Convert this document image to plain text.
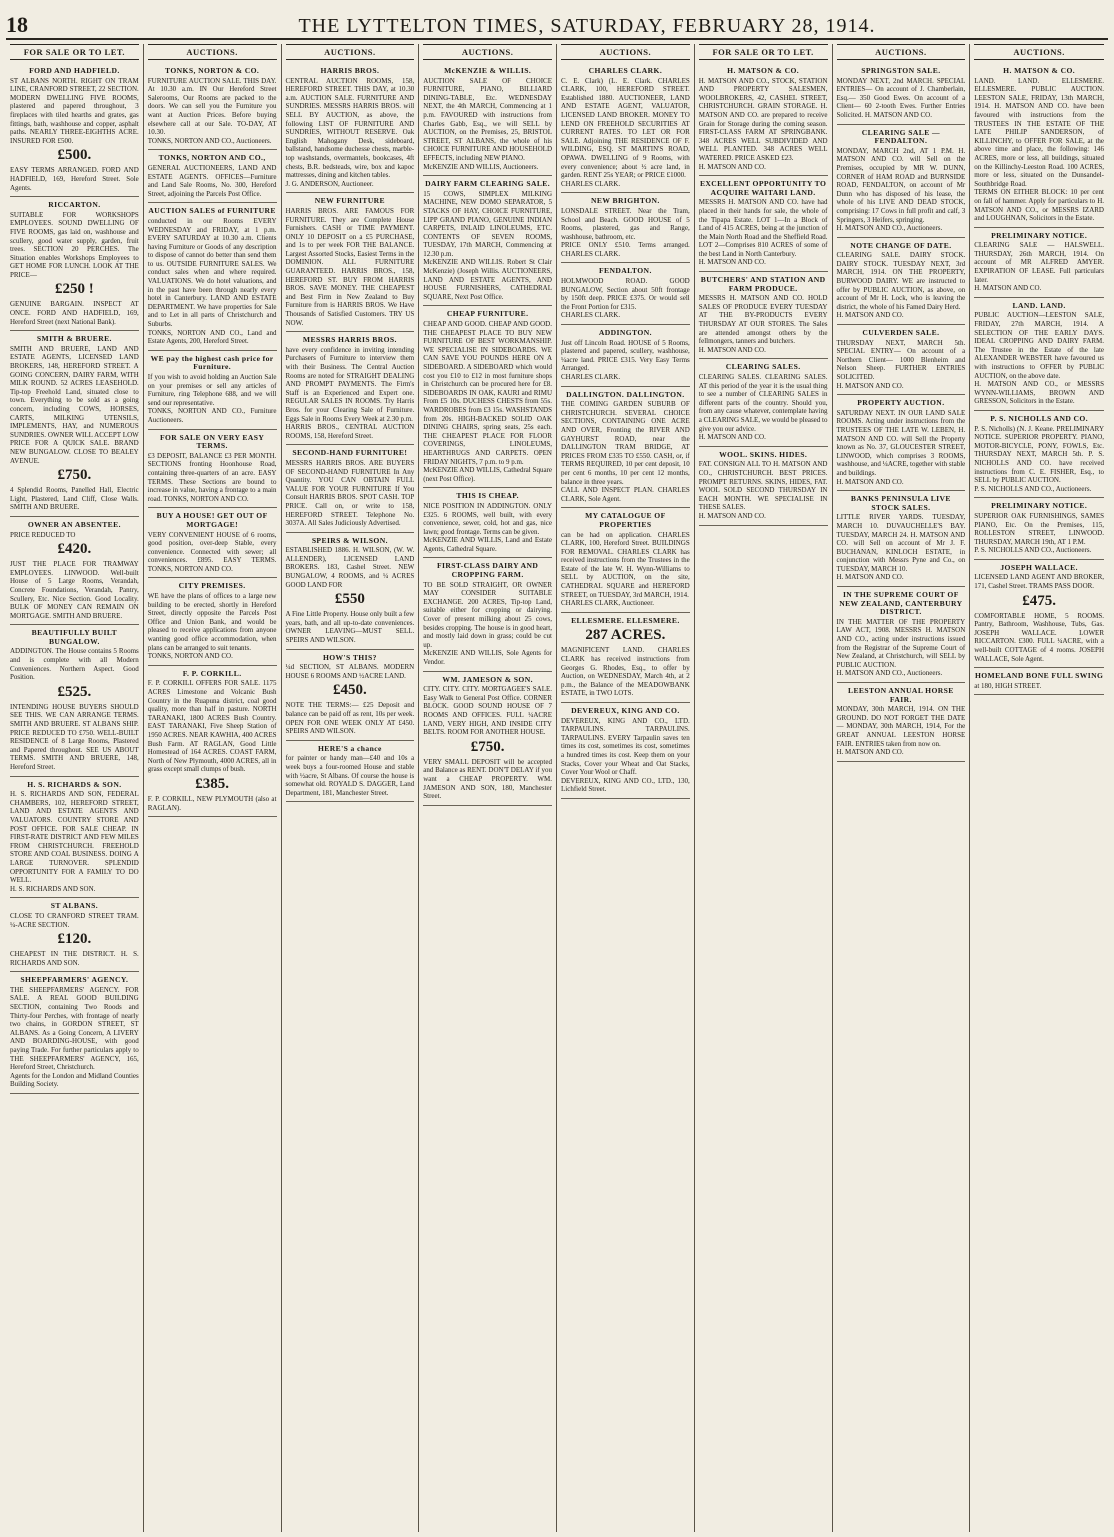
18	THE LYTTELTON TIMES, SATURDAY, FEBRUARY 28, 1914.
FOR SALE OR TO LET.
FORD AND HADFIELD.
ST ALBANS NORTH. RIGHT ON TRAM LINE, CRANFORD STREET, 22 SECTION. MODERN DWELLING FIVE ROOMS, plastered and papered throughout, 3 fireplaces with tiled hearths and grates, gas fittings, bath, washhouse and copper, asphalt paths. NEARLY THREE-EIGHTHS ACRE. INSURED FOR £500.
£500.
EASY TERMS ARRANGED. FORD AND HADFIELD, 169, Hereford Street. Sole Agents.
RICCARTON.
SUITABLE FOR WORKSHOPS EMPLOYEES. SOUND DWELLING OF FIVE ROOMS, gas laid on, washhouse and scullery, good water supply, garden, fruit trees. SECTION 20 PERCHES. The Situation enables Workshops Employees to GET HOME FOR LUNCH. LOOK AT THE PRICE—
£250 !
GENUINE BARGAIN. INSPECT AT ONCE. FORD AND HADFIELD, 169, Hereford Street (next National Bank).
SMITH & BRUERE.
SMITH AND BRUERE, LAND AND ESTATE AGENTS, LICENSED LAND BROKERS, 148, HEREFORD STREET. A GOING CONCERN, DAIRY FARM, WITH MILK ROUND. 52 ACRES LEASEHOLD. Tip-top Freehold Land, situated close to town. Everything to be sold as a going concern, including COWS, HORSES, CARTS, MILKING UTENSILS, IMPLEMENTS, HAY, and NUMEROUS SUNDRIES. OWNER WILL ACCEPT LOW PRICE FOR A QUICK SALE. BRAND NEW BUNGALOW. CLOSE TO BEALEY AVENUE.
£750.
4 Splendid Rooms, Panelled Hall, Electric Light, Plastered, Land Cliff, Close Walls. SMITH AND BRUERE.
OWNER AN ABSENTEE.
PRICE REDUCED TO
£420.
JUST THE PLACE FOR TRAMWAY EMPLOYEES. LINWOOD. Well-built House of 5 Large Rooms, Verandah, Concrete Foundations, Verandah, Pantry, Scullery, Etc. Nice Section. Good Locality. BULK OF MONEY CAN REMAIN ON MORTGAGE. SMITH AND BRUERE.
BEAUTIFULLY BUILT BUNGALOW.
ADDINGTON. The House contains 5 Rooms and is complete with all Modern Conveniences. Northern Aspect. Good Position.
£525.
INTENDING HOUSE BUYERS SHOULD SEE THIS. WE CAN ARRANGE TERMS. SMITH AND BRUERE. ST ALBANS SHIP. PRICE REDUCED TO £750. WELL-BUILT RESIDENCE of 8 Large Rooms, Plastered and Papered throughout. SEE US ABOUT TERMS. SMITH AND BRUERE, 148, Hereford Street.
H. S. RICHARDS & SON.
H. S. RICHARDS AND SON, FEDERAL CHAMBERS, 102, HEREFORD STREET, LAND AND ESTATE AGENTS AND VALUATORS. COUNTRY STORE AND POST OFFICE. FOR SALE CHEAP. IN FIRST-RATE DISTRICT AND FEW MILES FROM CHRISTCHURCH. FREEHOLD STORE AND COAL BUSINESS. DOING A LARGE TURNOVER. SPLENDID OPPORTUNITY FOR A FAMILY TO DO WELL.
H. S. RICHARDS AND SON.
ST ALBANS.
CLOSE TO CRANFORD STREET TRAM. ¼-ACRE SECTION.
£120.
CHEAPEST IN THE DISTRICT. H. S. RICHARDS AND SON.
SHEEPFARMERS' AGENCY.
THE SHEEPFARMERS' AGENCY. FOR SALE. A REAL GOOD BUILDING SECTION, containing Two Roods and Thirty-four Perches, with frontage of nearly two chains, in GORDON STREET, ST ALBANS. As a Going Concern, A LIVERY AND BOARDING-HOUSE, with good paying Trade. For further particulars apply to THE SHEEPFARMERS' AGENCY, 165, Hereford Street, Christchurch.
Agents for the London and Midland Counties Building Society.
AUCTIONS.
TONKS, NORTON & CO.
FURNITURE AUCTION SALE. THIS DAY. At 10.30 a.m. IN Our Hereford Street Salerooms, Our Rooms are packed to the doors. We can sell you the Furniture you want at Auction Prices. Before buying elsewhere call at our Sale. TO-DAY, AT 10.30.
TONKS, NORTON AND CO., Auctioneers.
TONKS, NORTON AND CO.,
GENERAL AUCTIONEERS, LAND AND ESTATE AGENTS. OFFICES—Furniture and Land Sale Rooms, No. 300, Hereford Street, adjoining the Parcels Post Office.
AUCTION SALES of FURNITURE
conducted in our Rooms EVERY WEDNESDAY and FRIDAY, at 1 p.m. EVERY SATURDAY at 10.30 a.m. Clients having Furniture or Goods of any description to dispose of cannot do better than send them to us. OUTSIDE FURNITURE SALES. We conduct sales when and where required. VALUATIONS. We do hotel valuations, and in the past have been through nearly every hotel in Canterbury. LAND AND ESTATE DEPARTMENT. We have properties for Sale and to Let in all parts of Christchurch and Suburbs.
TONKS, NORTON AND CO., Land and Estate Agents, 200, Hereford Street.
WE pay the highest cash price for Furniture.
If you wish to avoid holding an Auction Sale on your premises or sell any articles of Furniture, ring Telephone 688, and we will send our representative.
TONKS, NORTON AND CO., Furniture Auctioneers.
FOR SALE ON VERY EASY TERMS.
£3 DEPOSIT, BALANCE £3 PER MONTH. SECTIONS fronting Hoonhouse Road, containing three-quarters of an acre. EASY TERMS. These Sections are bound to increase in value, having a frontage to a main road. TONKS, NORTON AND CO.
BUY A HOUSE! GET OUT OF MORTGAGE!
VERY CONVENIENT HOUSE of 6 rooms, good position, over-deep Stable, every convenience. Connected with sewer; all conveniences. £895. EASY TERMS. TONKS, NORTON AND CO.
CITY PREMISES.
WE have the plans of offices to a large new building to be erected, shortly in Hereford Street, directly opposite the Parcels Post Office and Union Bank, and would be pleased to receive applications from anyone wanting good office accommodation, when plans can be arranged to suit tenants.
TONKS, NORTON AND CO.
F. P. CORKILL.
F. P. CORKILL OFFERS FOR SALE. 1175 ACRES Limestone and Volcanic Bush Country in the Ruapuna district, coal good quality, more than half in pasture. NORTH TARANAKI, 1800 ACRES Bush Country. EAST TARANAKI, Five Sheep Station of 1950 ACRES. NEAR KAWHIA, 400 ACRES Bush Farm. AT RAGLAN, Good Little Homestead of 164 ACRES. COAST FARM, North of New Plymouth, 4000 ACRES, all in grass except small clumps of bush.
£385.
F. P. CORKILL, NEW PLYMOUTH (also at RAGLAN).
AUCTIONS.
HARRIS BROS.
CENTRAL AUCTION ROOMS, 158, HEREFORD STREET. THIS DAY, at 10.30 a.m. AUCTION SALE. FURNITURE AND SUNDRIES. MESSRS HARRIS BROS. will SELL BY AUCTION, as above, the following LIST OF FURNITURE AND SUNDRIES, WITHOUT RESERVE. Oak English Mahogany Desk, sideboard, ballstand, handsome duchesse chests, marble-top washstands, overmantels, bookcases, 4ft chests, B.R. bedsteads, wire, box and kapoc mattresses, dining and kitchen tables.
J. G. ANDERSON, Auctioneer.
NEW FURNITURE
HARRIS BROS. ARE FAMOUS FOR FURNITURE. They are Complete House Furnishers. CASH or TIME PAYMENT. ONLY 10 DEPOSIT on a £5 PURCHASE, and 1s to per week FOR THE BALANCE. Largest Assorted Stocks, Easiest Terms in the DOMINION. ALL FURNITURE GUARANTEED. HARRIS BROS., 158, HEREFORD ST. BUY FROM HARRIS BROS. SAVE MONEY. THE CHEAPEST and Best Firm in New Zealand to Buy Furniture from is HARRIS BROS. We Have Thousands of Satisfied Customers. TRY US NOW.
MESSRS HARRIS BROS.
have every confidence in inviting intending Purchasers of Furniture to interview them with their Business. The Central Auction Rooms are noted for STRAIGHT DEALING AND PROMPT PAYMENTS. The Firm's Staff is an Experienced and Expert one. REGULAR SALES IN ROOMS. Try Harris Bros. for your Clearing Sale of Furniture. Eggs Sale in Rooms Every Week at 2.30 p.m.
HARRIS BROS., CENTRAL AUCTION ROOMS, 158, Hereford Street.
SECOND-HAND FURNITURE!
MESSRS HARRIS BROS. ARE BUYERS OF SECOND-HAND FURNITURE In Any Quantity. YOU CAN OBTAIN FULL VALUE FOR YOUR FURNITURE If You Consult HARRIS BROS. SPOT CASH. TOP PRICE. Call on, or write to 158, HEREFORD STREET. Telephone No. 3037A. All Sales Judiciously Advertised.
SPEIRS & WILSON.
ESTABLISHED 1886. H. WILSON, (W. W. ALLENDER), LICENSED LAND BROKERS. 183, Cashel Street. NEW BUNGALOW, 4 ROOMS, and ¼ ACRES GOOD LAND FOR
£550
A Fine Little Property. House only built a few years, bath, and all up-to-date conveniences. OWNER LEAVING—MUST SELL. SPEIRS AND WILSON.
HOW'S THIS?
¼d SECTION, ST ALBANS. MODERN HOUSE 6 ROOMS AND ½ACRE LAND.
£450.
NOTE THE TERMS:— £25 Deposit and balance can be paid off as rent, 10s per week. OPEN FOR ONE WEEK ONLY AT £450. SPEIRS AND WILSON.
HERE'S a chance
for painter or handy man—£40 and 10s a week buys a four-roomed House and stable with ½acre, St Albans. Of course the house is somewhat old. ROYALD S. DAGGER, Land Department, 181, Manchester Street.
AUCTIONS.
McKENZIE & WILLIS.
AUCTION SALE OF CHOICE FURNITURE, PIANO, BILLIARD DINING-TABLE, Etc. WEDNESDAY NEXT, the 4th MARCH, Commencing at 1 p.m. FAVOURED with instructions from Charles Gabb, Esq., we will SELL by AUCTION, on the Premises, 25, BRISTOL STREET, ST ALBANS, the whole of his CHOICE FURNITURE AND HOUSEHOLD EFFECTS, including NEW PIANO.
McKENZIE AND WILLIS, Auctioneers.
DAIRY FARM CLEARING SALE.
15 COWS, SIMPLEX MILKING MACHINE, NEW DOMO SEPARATOR, 5 STACKS OF HAY, CHOICE FURNITURE, LIPP GRAND PIANO, GENUINE INDIAN CARPETS, INLAID LINOLEUMS, ETC. CONTENTS OF SEVEN ROOMS, TUESDAY, 17th MARCH, Commencing at 12.30 p.m.
McKENZIE AND WILLIS. Robert St Clair McKenzie) (Joseph Willis. AUCTIONEERS, LAND AND ESTATE AGENTS, AND HOUSE FURNISHERS, CATHEDRAL SQUARE, Next Post Office.
CHEAP FURNITURE.
CHEAP AND GOOD. CHEAP AND GOOD. THE CHEAPEST PLACE TO BUY NEW FURNITURE OF BEST WORKMANSHIP. WE SPECIALISE IN SIDEBOARDS. WE CAN SAVE YOU POUNDS HERE ON A SIDEBOARD. A SIDEBOARD which would cost you £10 to £12 in most furniture shops in Christchurch can be procured here for £8. SIDEBOARDS IN OAK, KAURI and RIMU From £5 10s. DUCHESS CHESTS from 55s. WARDROBES from £3 15s. WASHSTANDS from 20s. HIGH-BACKED SOLID OAK DINING CHAIRS, spring seats, 25s each. THE CHEAPEST PLACE FOR FLOOR COVERINGS, LINOLEUMS, HEARTHRUGS AND CARPETS. OPEN FRIDAY NIGHTS, 7 p.m. to 9 p.m.
McKENZIE AND WILLIS, Cathedral Square (next Post Office).
THIS IS CHEAP.
NICE POSITION IN ADDINGTON. ONLY £325. 6 ROOMS, well built, with every convenience, sewer, cold, hot and gas, nice lawn; good frontage. Terms can be given.
McKENZIE AND WILLIS, Land and Estate Agents, Cathedral Square.
FIRST-CLASS DAIRY AND CROPPING FARM.
TO BE SOLD STRAIGHT, OR OWNER MAY CONSIDER SUITABLE EXCHANGE. 200 ACRES, Tip-top Land, suitable either for cropping or dairying. Cover of present milking about 25 cows, besides cropping. The house is in good heart, and mostly laid down in grass; could be cut up.
McKENZIE AND WILLIS, Sole Agents for Vendor.
WM. JAMESON & SON.
CITY. CITY. CITY. MORTGAGEE'S SALE. Easy Walk to General Post Office. CORNER BLOCK. GOOD SOUND HOUSE OF 7 ROOMS AND OFFICES. FULL ¼ACRE LAND, VERY HIGH, AND INSIDE CITY BELTS. ROOM FOR ANOTHER HOUSE.
£750.
VERY SMALL DEPOSIT will be accepted and Balance as RENT. DON'T DELAY if you want a CHEAP PROPERTY. WM. JAMESON AND SON, 180, Manchester Street.
AUCTIONS.
CHARLES CLARK.
C. E. Clark) (L. E. Clark. CHARLES CLARK, 100, HEREFORD STREET. Established 1880. AUCTIONEER, LAND AND ESTATE AGENT, VALUATOR, LICENSED LAND BROKER. MONEY TO LEND ON FREEHOLD SECURITIES AT CURRENT RATES. TO LET OR FOR SALE. Adjoining THE RESIDENCE OF F. WILDING, ESQ. ST MARTIN'S ROAD, OPAWA. DWELLING of 9 Rooms, with every convenience; about ½ acre land, in garden. RENT 25s YEAR; or PRICE £1000.
CHARLES CLARK.
NEW BRIGHTON.
LONSDALE STREET. Near the Tram, School and Beach. GOOD HOUSE of 5 Rooms, plastered, gas and Range, washhouse, bathroom, etc.
PRICE ONLY £510. Terms arranged. CHARLES CLARK.
FENDALTON.
HOLMWOOD ROAD. GOOD BUNGALOW, Section about 50ft frontage by 150ft deep. PRICE £375. Or would sell the Front Portion for £315.
CHARLES CLARK.
ADDINGTON.
Just off Lincoln Road. HOUSE of 5 Rooms, plastered and papered, scullery, washhouse, ¼acre land. PRICE £315. Very Easy Terms Arranged.
CHARLES CLARK.
DALLINGTON. DALLINGTON.
THE COMING GARDEN SUBURB OF CHRISTCHURCH. SEVERAL CHOICE SECTIONS, CONTAINING ONE ACRE AND OVER, Fronting the RIVER AND GAYHURST ROAD, near the DALLINGTON TRAM BRIDGE, AT PRICES FROM £335 TO £550. CASH, or, if TERMS REQUIRED, 10 per cent deposit, 10 per cent 6 months, 10 per cent 12 months, balance in three years.
CALL AND INSPECT PLAN. CHARLES CLARK, Sole Agent.
MY CATALOGUE OF PROPERTIES
can be had on application. CHARLES CLARK, 100, Hereford Street. BUILDINGS FOR REMOVAL. CHARLES CLARK has received instructions from the Trustees in the Estate of the late W. H. Wynn-Williams to SELL by AUCTION, on the site, CATHEDRAL SQUARE and HEREFORD STREET, on TUESDAY, 3rd MARCH, 1914.
CHARLES CLARK, Auctioneer.
ELLESMERE. ELLESMERE.
287 ACRES.
MAGNIFICENT LAND. CHARLES CLARK has received instructions from Georges G. Rhodes, Esq., to offer by Auction, on WEDNESDAY, March 4th, at 2 p.m., the Balance of the MEADOWBANK ESTATE, in TWO LOTS.
DEVEREUX, KING AND CO.
DEVEREUX, KING AND CO., LTD. TARPAULINS. TARPAULINS. TARPAULINS. EVERY Tarpaulin saves ten times its cost, sometimes its cost, sometimes a hundred times its cost. Keep them on your Stacks, Cover your Wheat and Oat Stacks, Cover Your Wool or Chaff.
DEVEREUX, KING AND CO., LTD., 130, Lichfield Street.
FOR SALE OR TO LET.
H. MATSON & CO.
H. MATSON AND CO., STOCK, STATION AND PROPERTY SALESMEN, WOOLBROKERS, 42, CASHEL STREET, CHRISTCHURCH. GRAIN STORAGE. H. MATSON AND CO. are prepared to receive Grain for Storage during the coming season. FIRST-CLASS FARM AT SPRINGBANK. 348 ACRES WELL SUBDIVIDED AND WELL PLANTED. 348 ACRES WELL WATERED. PRICE ASKED £23.
H. MATSON AND CO.
EXCELLENT OPPORTUNITY TO ACQUIRE WAITARI LAND.
MESSRS H. MATSON AND CO. have had placed in their hands for sale, the whole of the Tipapa Estate. LOT 1—In a Block of Land of 415 ACRES, being at the junction of the Main North Road and the Sheffield Road. LOT 2—Comprises 810 ACRES of some of the best Land in North Canterbury.
H. MATSON AND CO.
BUTCHERS' AND STATION AND FARM PRODUCE.
MESSRS H. MATSON AND CO. HOLD SALES OF PRODUCE EVERY TUESDAY AT THE BY-PRODUCTS EVERY THURSDAY AT OUR STORES. The Sales are attended amongst others by the fellmongers, tanners and butchers.
H. MATSON AND CO.
CLEARING SALES.
CLEARING SALES. CLEARING SALES. AT this period of the year it is the usual thing to see a number of CLEARING SALES in different parts of the country. Should you, from any cause whatever, contemplate having a CLEARING SALE, we would be pleased to give you our advice.
H. MATSON AND CO.
WOOL. SKINS. HIDES.
FAT. CONSIGN ALL TO H. MATSON AND CO., CHRISTCHURCH. BEST PRICES. PROMPT RETURNS. SKINS, HIDES, FAT. WOOL SOLD SECOND THURSDAY IN EACH MONTH. WE SPECIALISE IN THESE SALES.
H. MATSON AND CO.
AUCTIONS.
SPRINGSTON SALE.
MONDAY NEXT, 2nd MARCH. SPECIAL ENTRIES— On account of J. Chamberlain, Esq.— 350 Good Ewes. On account of a Client— 60 2-tooth Ewes. Further Entries Solicited. H. MATSON AND CO.
CLEARING SALE — FENDALTON.
MONDAY, MARCH 2nd, AT 1 P.M. H. MATSON AND CO. will Sell on the Premises, occupied by MR W. DUNN, CORNER of HAM ROAD and BURNSIDE ROAD, FENDALTON, on account of Mr Dunn who has disposed of his lease, the whole of his LIVE AND DEAD STOCK, comprising: 17 Cows in full profit and calf, 3 Springers, 3 Heifers, springing.
H. MATSON AND CO., Auctioneers.
NOTE CHANGE OF DATE.
CLEARING SALE. DAIRY STOCK. DAIRY STOCK. TUESDAY NEXT, 3rd MARCH, 1914. ON THE PROPERTY, BURWOOD DAIRY. WE are instructed to offer by PUBLIC AUCTION, as above, on account of Mr H. Lock, who is leaving the district, the whole of his Famed Dairy Herd.
H. MATSON AND CO.
CULVERDEN SALE.
THURSDAY NEXT, MARCH 5th. SPECIAL ENTRY— On account of a Northern Client— 1000 Blenheim and Nelson Sheep. FURTHER ENTRIES SOLICITED.
H. MATSON AND CO.
PROPERTY AUCTION.
SATURDAY NEXT. IN OUR LAND SALE ROOMS. Acting under instructions from the TRUSTEES OF THE LATE W. LEBEN, H. MATSON AND CO. will Sell the Property known as No. 37, GLOUCESTER STREET, LINWOOD, which comprises 3 ROOMS, washhouse, and ¼ACRE, together with stable and buildings.
H. MATSON AND CO.
BANKS PENINSULA LIVE STOCK SALES.
LITTLE RIVER YARDS. TUESDAY, MARCH 10. DUVAUCHELLE'S BAY. TUESDAY, MARCH 24. H. MATSON AND CO. will Sell on account of Mr J. F. BUCHANAN, KINLOCH ESTATE, in conjunction with Messrs Pyne and Co., on TUESDAY, MARCH 10.
H. MATSON AND CO.
IN THE SUPREME COURT OF NEW ZEALAND, CANTERBURY DISTRICT.
IN THE MATTER OF THE PROPERTY LAW ACT, 1908. MESSRS H. MATSON AND CO., acting under instructions issued from the Registrar of the Supreme Court of New Zealand, at Christchurch, will SELL by PUBLIC AUCTION.
H. MATSON AND CO., Auctioneers.
LEESTON ANNUAL HORSE FAIR.
MONDAY, 30th MARCH, 1914. ON THE GROUND. DO NOT FORGET THE DATE— MONDAY, 30th MARCH, 1914, For the GREAT ANNUAL LEESTON HORSE FAIR. ENTRIES taken from now on.
H. MATSON AND CO.
AUCTIONS.
H. MATSON & CO.
LAND. LAND. ELLESMERE. ELLESMERE. PUBLIC AUCTION. LEESTON SALE, FRIDAY, 13th MARCH, 1914. H. MATSON AND CO. have been favoured with instructions from the TRUSTEES IN THE ESTATE OF THE LATE PHILIP SANDERSON, of KILLINCHY, to OFFER FOR SALE, at the above time and place, the following: 146 ACRES, more or less, all buildings, situated on the Killinchy-Leeston Road. 100 ACRES, more or less, situated on the Dunsandel-Southbridge Road.
TERMS ON EITHER BLOCK: 10 per cent on fall of hammer. Apply for particulars to H. MATSON AND CO., or MESSRS IZARD and LOUGHNAN, Solicitors in the Estate.
PRELIMINARY NOTICE.
CLEARING SALE — HALSWELL. THURSDAY, 26th MARCH, 1914. On account of MR ALFRED AMYER. EXPIRATION OF LEASE. Full particulars later.
H. MATSON AND CO.
LAND. LAND.
PUBLIC AUCTION—LEESTON SALE, FRIDAY, 27th MARCH, 1914. A SELECTION OF THE EARLY DAYS. IDEAL CROPPING AND DAIRY FARM. The Trustee in the Estate of the late ALEXANDER WEBSTER have favoured us with instructions to OFFER by PUBLIC AUCTION, on the above date.
H. MATSON AND CO., or MESSRS WYNN-WILLIAMS, BROWN AND GRESSON, Solicitors in the Estate.
P. S. NICHOLLS AND CO.
P. S. Nicholls) (N. J. Keane. PRELIMINARY NOTICE. SUPERIOR PROPERTY. PIANO, MOTOR-BICYCLE, PONY, FOWLS, Etc. THURSDAY NEXT, MARCH 5th. P. S. NICHOLLS AND CO. have received instructions from C. E. FISHER, Esq., to SELL by PUBLIC AUCTION.
P. S. NICHOLLS AND CO., Auctioneers.
PRELIMINARY NOTICE.
SUPERIOR OAK FURNISHINGS, SAMES PIANO, Etc. On the Premises, 115, ROLLESTON STREET, LINWOOD. THURSDAY, MARCH 19th, AT 1 P.M.
P. S. NICHOLLS AND CO., Auctioneers.
JOSEPH WALLACE.
LICENSED LAND AGENT AND BROKER, 171, Cashel Street. TRAMS PASS DOOR.
£475.
COMFORTABLE HOME, 5 ROOMS. Pantry, Bathroom, Washhouse, Tubs, Gas. JOSEPH WALLACE. LOWER RICCARTON. £300. FULL ¼ACRE, with a well-built COTTAGE of 4 rooms. JOSEPH WALLACE, Sole Agent.
HOMELAND BONE FULL SWING
at 180, HIGH STREET.
